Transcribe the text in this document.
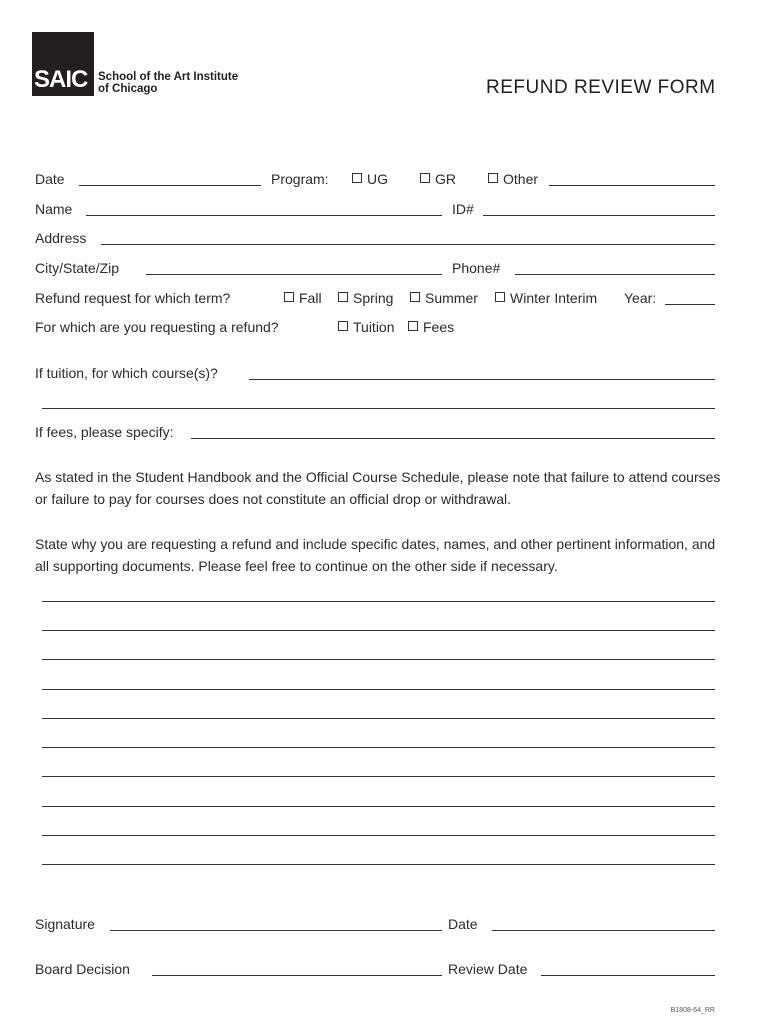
SAIC School of the Art Institute
of Chicago	REFUND REVIEW FORM
Date	Program:	UG	GR	Other
Name	ID#
Address
City/State/Zip	Phone#
Refund request for which term?	Fall	Spring	Summer	Winter Interim Year:
For which are you requesting a refund?	Tuition	Fees
If tuition, for which course(s)?
If fees, please specify:
As stated in the Student Handbook and the Official Course Schedule, please note that failure to attend courses or failure to pay for courses does not constitute an official drop or withdrawal.
State why you are requesting a refund and include specific dates, names, and other pertinent information, and all supporting documents. Please feel free to continue on the other side if necessary.
Signature	Date
Board Decision	Review Date
B1808-64_RR
